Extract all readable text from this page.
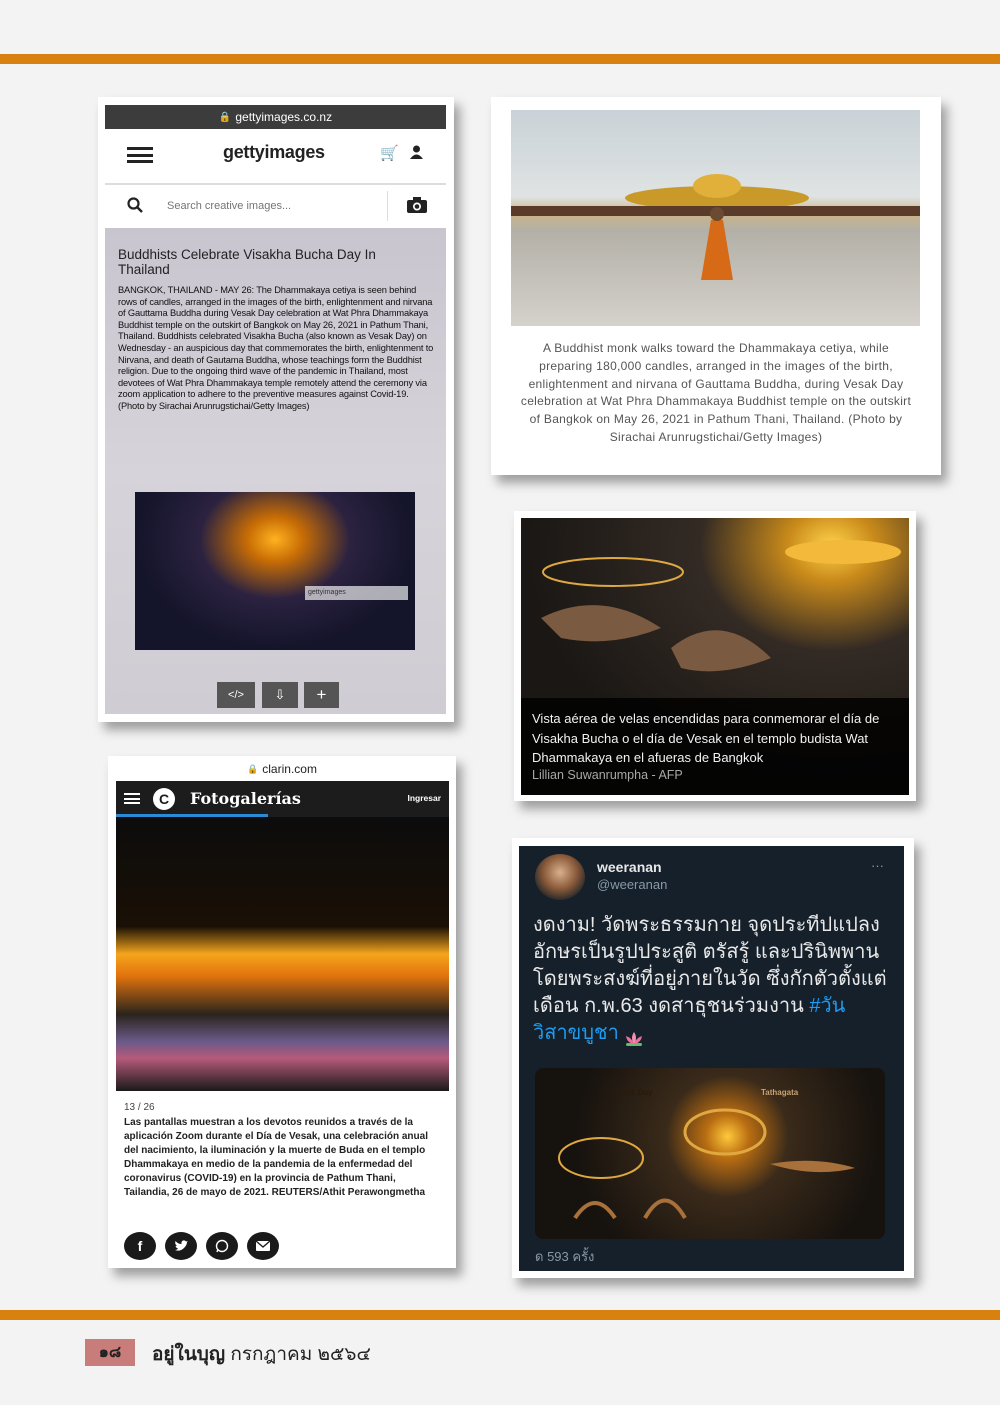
🔒 gettyimages.co.nz
gettyimages	🛒
Search creative images...
Buddhists Celebrate Visakha Bucha Day In Thailand
BANGKOK, THAILAND - MAY 26: The Dhammakaya cetiya is seen behind rows of candles, arranged in the images of the birth, enlightenment and nirvana of Gauttama Buddha during Vesak Day celebration at Wat Phra Dhammakaya Buddhist temple on the outskirt of Bangkok on May 26, 2021 in Pathum Thani, Thailand. Buddhists celebrated Visakha Bucha (also known as Vesak Day) on Wednesday - an auspicious day that commemorates the birth, enlightenment to Nirvana, and death of Gautama Buddha, whose teachings form the Buddhist religion. Due to the ongoing third wave of the pandemic in Thailand, most devotees of Wat Phra Dhammakaya temple remotely attend the ceremony via zoom application to adhere to the preventive measures against Covid-19. (Photo by Sirachai Arunrugstichai/Getty Images)
gettyimages
</>	⇩	+
A Buddhist monk walks toward the Dhammakaya cetiya, while preparing 180,000 candles, arranged in the images of the birth, enlightenment and nirvana of Gauttama Buddha, during Vesak Day celebration at Wat Phra Dhammakaya Buddhist temple on the outskirt of Bangkok on May 26, 2021 in Pathum Thani, Thailand. (Photo by Sirachai Arunrugstichai/Getty Images)
Vista aérea de velas encendidas para conmemorar el día de Visakha Bucha o el día de Vesak en el templo budista Wat Dhammakaya en el afueras de Bangkok
Lillian Suwanrumpha - AFP
🔒 clarin.com
C	Fotogalerías	Ingresar
13 / 26
Las pantallas muestran a los devotos reunidos a través de la aplicación Zoom durante el Día de Vesak, una celebración anual del nacimiento, la iluminación y la muerte de Buda en el templo Dhammakaya en medio de la pandemia de la enfermedad del coronavirus (COVID-19) en la provincia de Pathum Thani, Tailandia, 26 de mayo de 2021. REUTERS/Athit Perawongmetha
f
weeranan
@weeranan
···
งดงาม! วัดพระธรรมกาย จุดประทีปแปลงอักษรเป็นรูปประสูติ ตรัสรู้ และปรินิพพาน โดยพระสงฆ์ที่อยู่ภายในวัด ซึ่งกักตัวตั้งแต่เดือน ก.พ.63 งดสาธุชนร่วมงาน #วันวิสาขบูชา
Vesak Day	Tathagata
ด 593 ครั้ง
๑๘ อยู่ในบุญ กรกฎาคม ๒๕๖๔
